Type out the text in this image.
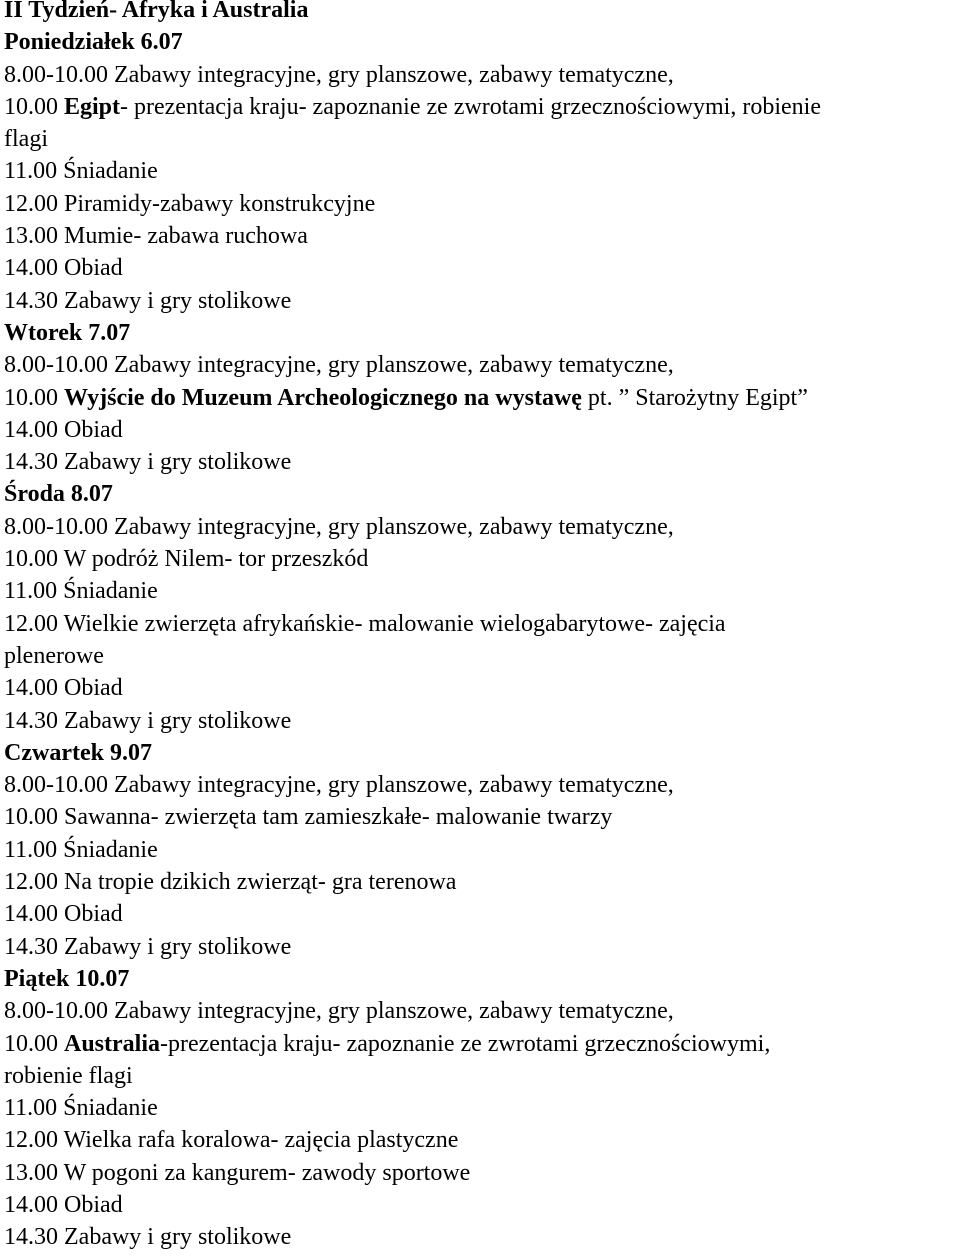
II Tydzień- Afryka i Australia
Poniedziałek 6.07
8.00-10.00 Zabawy integracyjne, gry planszowe, zabawy tematyczne,
10.00 Egipt- prezentacja kraju- zapoznanie ze zwrotami grzecznościowymi, robienie
flagi
11.00 Śniadanie
12.00 Piramidy-zabawy konstrukcyjne
13.00 Mumie- zabawa ruchowa
14.00 Obiad
14.30 Zabawy i gry stolikowe
Wtorek 7.07
8.00-10.00 Zabawy integracyjne, gry planszowe, zabawy tematyczne,
10.00 Wyjście do Muzeum Archeologicznego na wystawę pt. ” Starożytny Egipt”
14.00 Obiad
14.30 Zabawy i gry stolikowe
Środa 8.07
8.00-10.00 Zabawy integracyjne, gry planszowe, zabawy tematyczne,
10.00 W podróż Nilem- tor przeszkód
11.00 Śniadanie
12.00 Wielkie zwierzęta afrykańskie- malowanie wielogabarytowe- zajęcia
plenerowe
14.00 Obiad
14.30 Zabawy i gry stolikowe
Czwartek 9.07
8.00-10.00 Zabawy integracyjne, gry planszowe, zabawy tematyczne,
10.00 Sawanna- zwierzęta tam zamieszkałe- malowanie twarzy
11.00 Śniadanie
12.00 Na tropie dzikich zwierząt- gra terenowa
14.00 Obiad
14.30 Zabawy i gry stolikowe
Piątek 10.07
8.00-10.00 Zabawy integracyjne, gry planszowe, zabawy tematyczne,
10.00 Australia-prezentacja kraju- zapoznanie ze zwrotami grzecznościowymi,
robienie flagi
11.00 Śniadanie
12.00 Wielka rafa koralowa- zajęcia plastyczne
13.00 W pogoni za kangurem- zawody sportowe
14.00 Obiad
14.30 Zabawy i gry stolikowe
